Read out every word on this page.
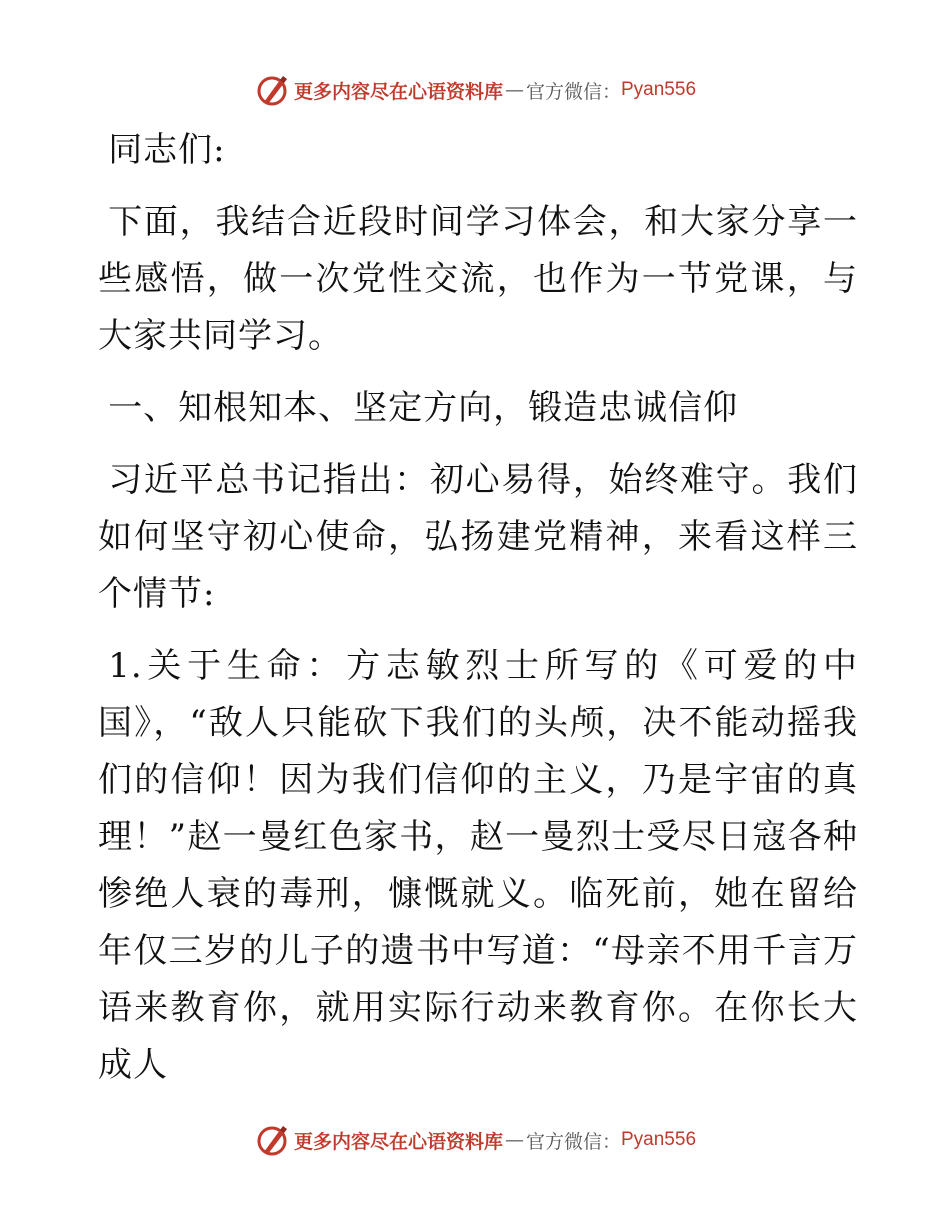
更多内容尽在心语资料库 — 官方微信： Pyan556

同志们:

下面，我结合近段时间学习体会，和大家分享一些感悟，做一次党性交流，也作为一节党课，与大家共同学习。

一、知根知本、坚定方向，锻造忠诚信仰

习近平总书记指出：初心易得，始终难守。我们如何坚守初心使命，弘扬建党精神，来看这样三个情节:

1.关于生命：方志敏烈士所写的《可爱的中国》，“敌人只能砍下我们的头颅，决不能动摇我们的信仰！因为我们信仰的主义，乃是宇宙的真理！”赵一曼红色家书，赵一曼烈士受尽日寇各种惨绝人衰的毒刑，慷慨就义。临死前，她在留给年仅三岁的儿子的遗书中写道：“母亲不用千言万语来教育你，就用实际行动来教育你。在你长大成人

更多内容尽在心语资料库 — 官方微信： Pyan556
